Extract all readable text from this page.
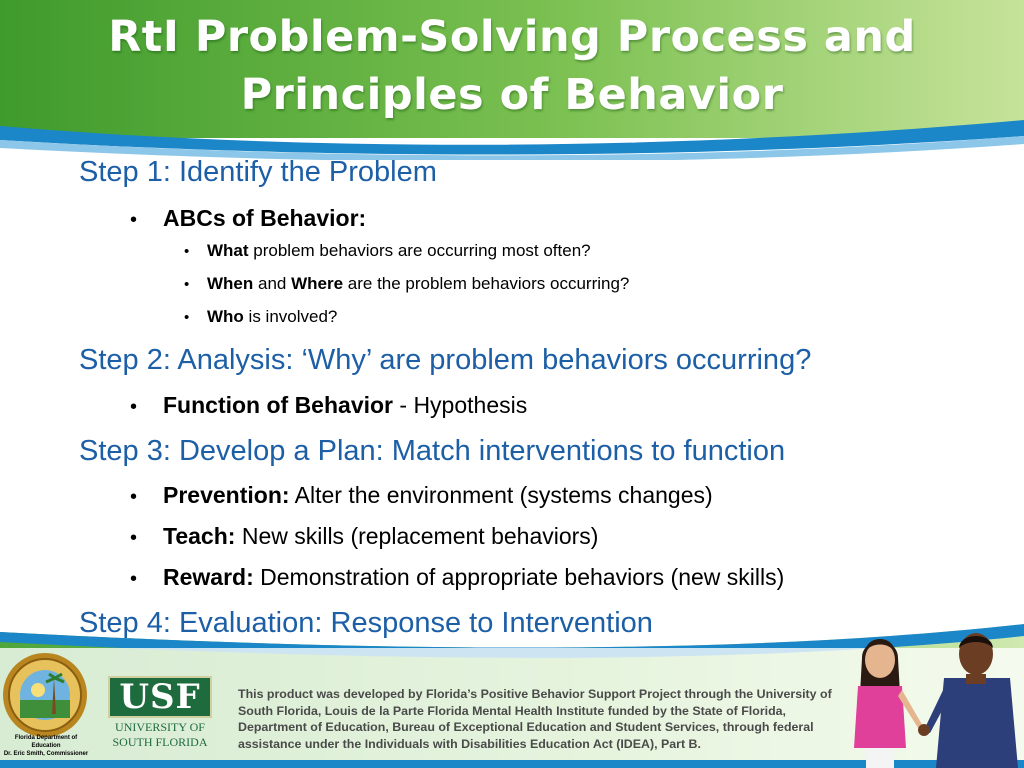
RtI Problem-Solving Process and Principles of Behavior
Step 1: Identify the Problem
• ABCs of Behavior:
• What problem behaviors are occurring most often?
• When and Where are the problem behaviors occurring?
• Who is involved?
Step 2: Analysis: ‘Why’ are problem behaviors occurring?
• Function of Behavior - Hypothesis
Step 3: Develop a Plan: Match interventions to function
• Prevention: Alter the environment (systems changes)
• Teach: New skills (replacement behaviors)
• Reward: Demonstration of appropriate behaviors (new skills)
Step 4: Evaluation: Response to Intervention
Florida Department of Education
Dr. Eric Smith, Commissioner
USF
UNIVERSITY OF
SOUTH FLORIDA
This product was developed by Florida’s Positive Behavior Support Project through the University of South Florida, Louis de la Parte Florida Mental Health Institute funded by the State of Florida, Department of Education, Bureau of Exceptional Education and Student Services, through federal assistance under the Individuals with Disabilities Education Act (IDEA), Part B.
